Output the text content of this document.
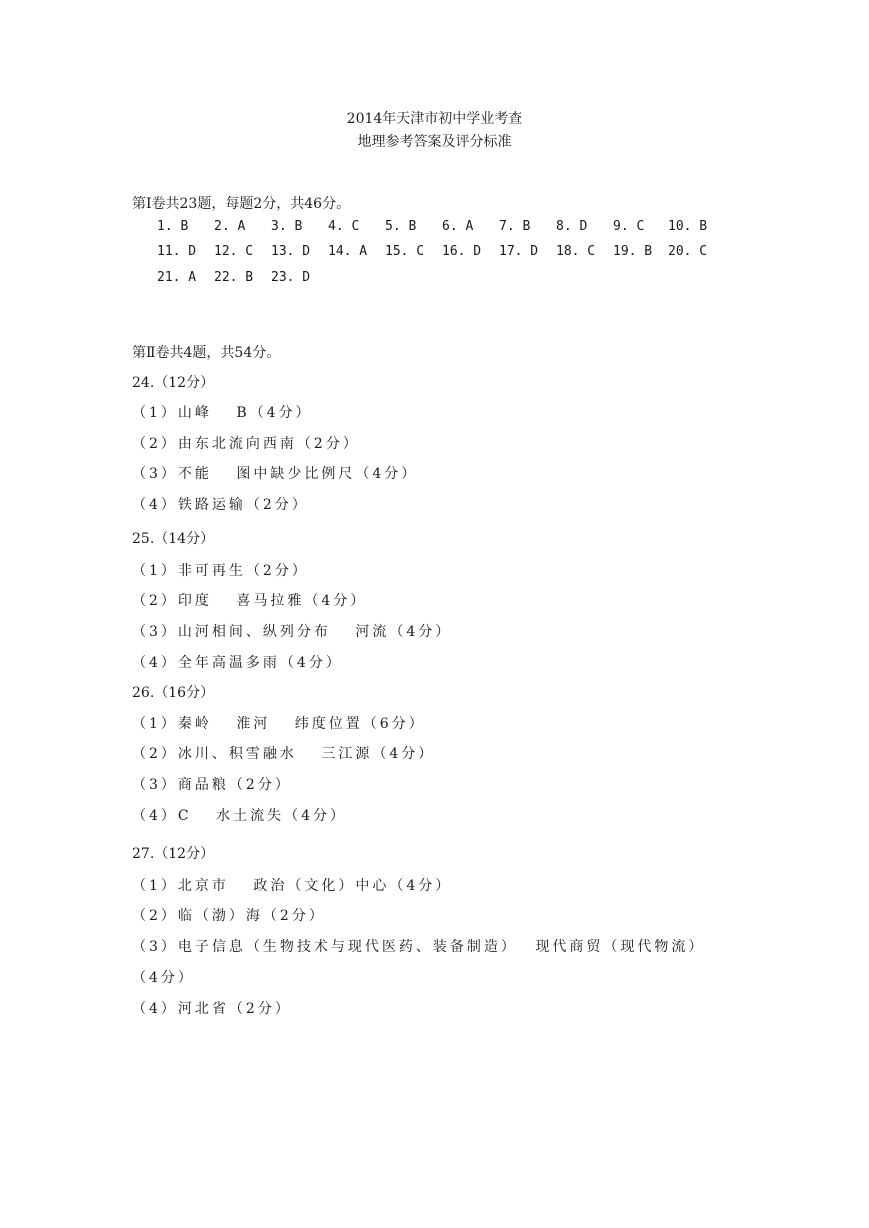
2014年天津市初中学业考查
地理参考答案及评分标准
第Ⅰ卷共23题，每题2分，共46分。
1. B 2. A 3. B 4. C 5. B 6. A 7. B 8. D 9. C 10. B
11. D 12. C 13. D 14. A 15. C 16. D 17. D 18. C 19. B 20. C
21. A 22. B 23. D
第Ⅱ卷共4题，共54分。
24.（12分）
（1）山峰　 B（4分）
（2）由东北流向西南（2分）
（3）不能　 图中缺少比例尺（4分）
（4）铁路运输（2分）
25.（14分）
（1）非可再生（2分）
（2）印度　 喜马拉雅（4分）
（3）山河相间、纵列分布　 河流（4分）
（4）全年高温多雨（4分）
26.（16分）
（1）秦岭　 淮河　 纬度位置（6分）
（2）冰川、积雪融水　 三江源（4分）
（3）商品粮（2分）
（4）C　 水土流失（4分）
27.（12分）
（1）北京市　 政治（文化）中心（4分）
（2）临（渤）海（2分）
（3）电子信息（生物技术与现代医药、装备制造）　 现代商贸（现代物流）
（4分）
（4）河北省（2分）
